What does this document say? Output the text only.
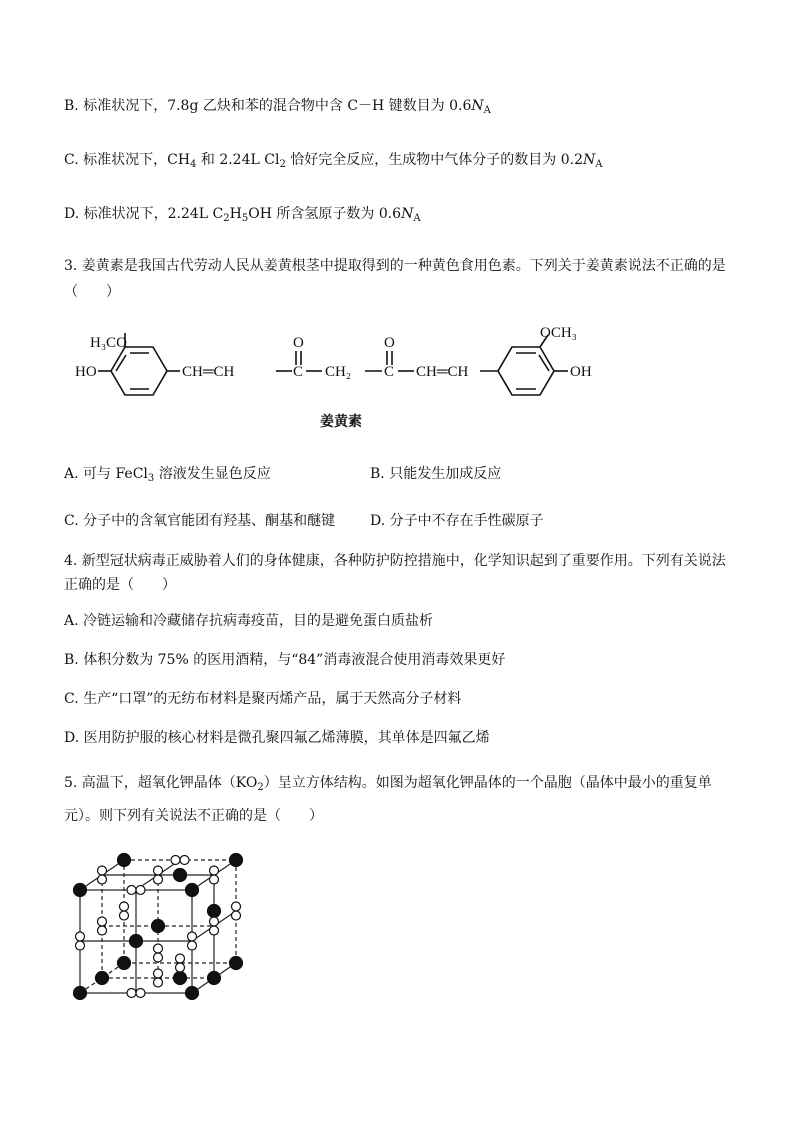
B. 标准状况下，7.8g 乙炔和苯的混合物中含 C－H 键数目为 $0.6N_A$
C. 标准状况下，$CH_4$ 和 2.24L $Cl_2$ 恰好完全反应，生成物中气体分子的数目为 $0.2N_A$
D. 标准状况下，2.24L $C_2H_5OH$ 所含氢原子数为 $0.6N_A$
3. 姜黄素是我国古代劳动人民从姜黄根茎中提取得到的一种黄色食用色素。下列关于姜黄素说法不正确的是
（　　）
H₃CO
HO	CH═CH
O
C CH₂
O
C CH═CH
OCH₃
OH
姜黄素
A. 可与 FeCl$_3$ 溶液发生显色反应	B. 只能发生加成反应
C. 分子中的含氧官能团有羟基、酮基和醚键 D. 分子中不存在手性碳原子
4. 新型冠状病毒正威胁着人们的身体健康，各种防护防控措施中，化学知识起到了重要作用。下列有关说法
正确的是（　　）
A. 冷链运输和冷藏储存抗病毒疫苗，目的是避免蛋白质盐析
B. 体积分数为 75% 的医用酒精，与“84”消毒液混合使用消毒效果更好
C. 生产“口罩”的无纺布材料是聚丙烯产品，属于天然高分子材料
D. 医用防护服的核心材料是微孔聚四氟乙烯薄膜，其单体是四氟乙烯
5. 高温下，超氧化钾晶体$(KO_2)$呈立方体结构。如图为超氧化钾晶体的一个晶胞（晶体中最小的重复单
元）。则下列有关说法不正确的是（　　）
